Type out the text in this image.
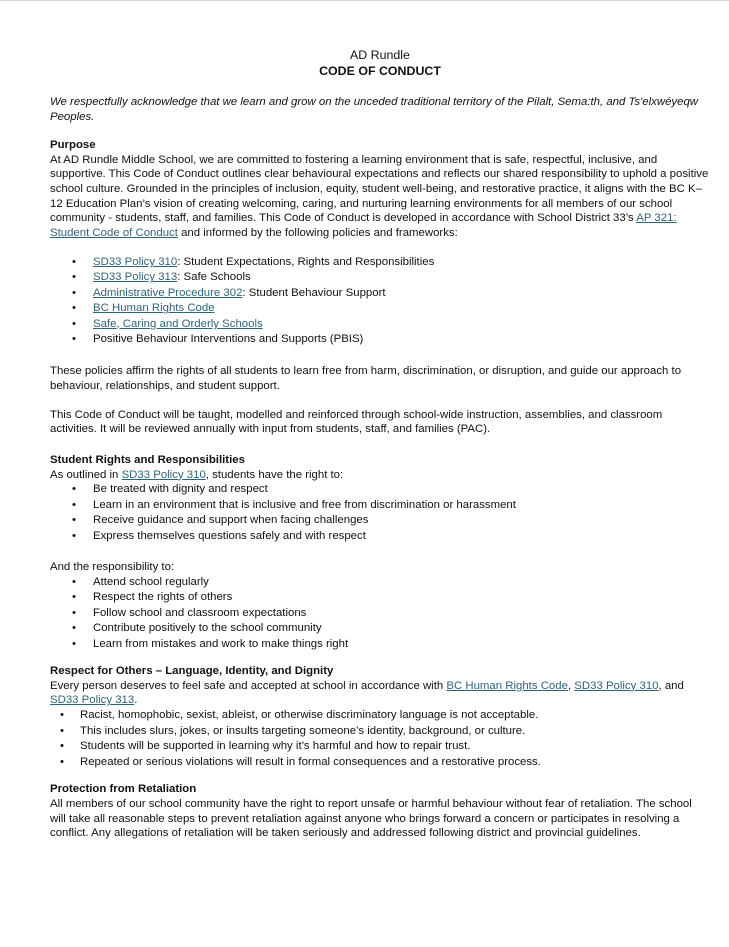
AD Rundle

CODE OF CONDUCT

We respectfully acknowledge that we learn and grow on the unceded traditional territory of the Pilalt, Sema:th, and Ts'elxwéyeqw Peoples.

Purpose

At AD Rundle Middle School, we are committed to fostering a learning environment that is safe, respectful, inclusive, and supportive. This Code of Conduct outlines clear behavioural expectations and reflects our shared responsibility to uphold a positive school culture. Grounded in the principles of inclusion, equity, student well-being, and restorative practice, it aligns with the BC K–12 Education Plan’s vision of creating welcoming, caring, and nurturing learning environments for all members of our school community - students, staff, and families. This Code of Conduct is developed in accordance with School District 33’s AP 321: Student Code of Conduct and informed by the following policies and frameworks:

• SD33 Policy 310: Student Expectations, Rights and Responsibilities
• SD33 Policy 313: Safe Schools
• Administrative Procedure 302: Student Behaviour Support
• BC Human Rights Code
• Safe, Caring and Orderly Schools
• Positive Behaviour Interventions and Supports (PBIS)

These policies affirm the rights of all students to learn free from harm, discrimination, or disruption, and guide our approach to behaviour, relationships, and student support.

This Code of Conduct will be taught, modelled and reinforced through school-wide instruction, assemblies, and classroom activities. It will be reviewed annually with input from students, staff, and families (PAC).

Student Rights and Responsibilities

As outlined in SD33 Policy 310, students have the right to:

• Be treated with dignity and respect
• Learn in an environment that is inclusive and free from discrimination or harassment
• Receive guidance and support when facing challenges
• Express themselves questions safely and with respect

And the responsibility to:

• Attend school regularly
• Respect the rights of others
• Follow school and classroom expectations
• Contribute positively to the school community
• Learn from mistakes and work to make things right
Respect for Others – Language, Identity, and Dignity

Every person deserves to feel safe and accepted at school in accordance with BC Human Rights Code, SD33 Policy 310, and SD33 Policy 313.

• Racist, homophobic, sexist, ableist, or otherwise discriminatory language is not acceptable.
• This includes slurs, jokes, or insults targeting someone’s identity, background, or culture.
• Students will be supported in learning why it’s harmful and how to repair trust.
• Repeated or serious violations will result in formal consequences and a restorative process.
Protection from Retaliation

All members of our school community have the right to report unsafe or harmful behaviour without fear of retaliation. The school will take all reasonable steps to prevent retaliation against anyone who brings forward a concern or participates in resolving a conflict. Any allegations of retaliation will be taken seriously and addressed following district and provincial guidelines.
